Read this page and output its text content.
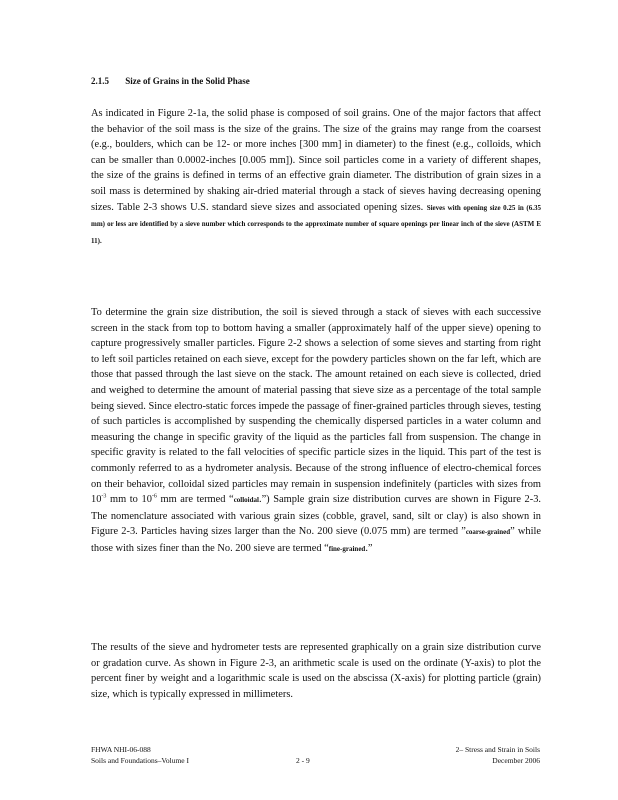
2.1.5 Size of Grains in the Solid Phase

As indicated in Figure 2-1a, the solid phase is composed of soil grains. One of the major factors that affect the behavior of the soil mass is the size of the grains. The size of the grains may range from the coarsest (e.g., boulders, which can be 12- or more inches [300 mm] in diameter) to the finest (e.g., colloids, which can be smaller than 0.0002-inches [0.005 mm]). Since soil particles come in a variety of different shapes, the size of the grains is defined in terms of an effective grain diameter. The distribution of grain sizes in a soil mass is determined by shaking air-dried material through a stack of sieves having decreasing opening sizes. Table 2-3 shows U.S. standard sieve sizes and associated opening sizes. Sieves with opening size 0.25 in (6.35 mm) or less are identified by a sieve number which corresponds to the approximate number of square openings per linear inch of the sieve (ASTM E 11).

To determine the grain size distribution, the soil is sieved through a stack of sieves with each successive screen in the stack from top to bottom having a smaller (approximately half of the upper sieve) opening to capture progressively smaller particles. Figure 2-2 shows a selection of some sieves and starting from right to left soil particles retained on each sieve, except for the powdery particles shown on the far left, which are those that passed through the last sieve on the stack. The amount retained on each sieve is collected, dried and weighed to determine the amount of material passing that sieve size as a percentage of the total sample being sieved. Since electro-static forces impede the passage of finer-grained particles through sieves, testing of such particles is accomplished by suspending the chemically dispersed particles in a water column and measuring the change in specific gravity of the liquid as the particles fall from suspension. The change in specific gravity is related to the fall velocities of specific particle sizes in the liquid. This part of the test is commonly referred to as a hydrometer analysis. Because of the strong influence of electro-chemical forces on their behavior, colloidal sized particles may remain in suspension indefinitely (particles with sizes from $10^{-3}$ mm to $10^{-6}$ mm are termed “colloidal.”) Sample grain size distribution curves are shown in Figure 2-3. The nomenclature associated with various grain sizes (cobble, gravel, sand, silt or clay) is also shown in Figure 2-3. Particles having sizes larger than the No. 200 sieve (0.075 mm) are termed ”coarse-grained” while those with sizes finer than the No. 200 sieve are termed “fine-grained.”

The results of the sieve and hydrometer tests are represented graphically on a grain size distribution curve or gradation curve. As shown in Figure 2-3, an arithmetic scale is used on the ordinate (Y-axis) to plot the percent finer by weight and a logarithmic scale is used on the abscissa (X-axis) for plotting particle (grain) size, which is typically expressed in millimeters.

FHWA NHI-06-088
Soils and Foundations–Volume I	2 - 9
2– Stress and Strain in Soils
December 2006
